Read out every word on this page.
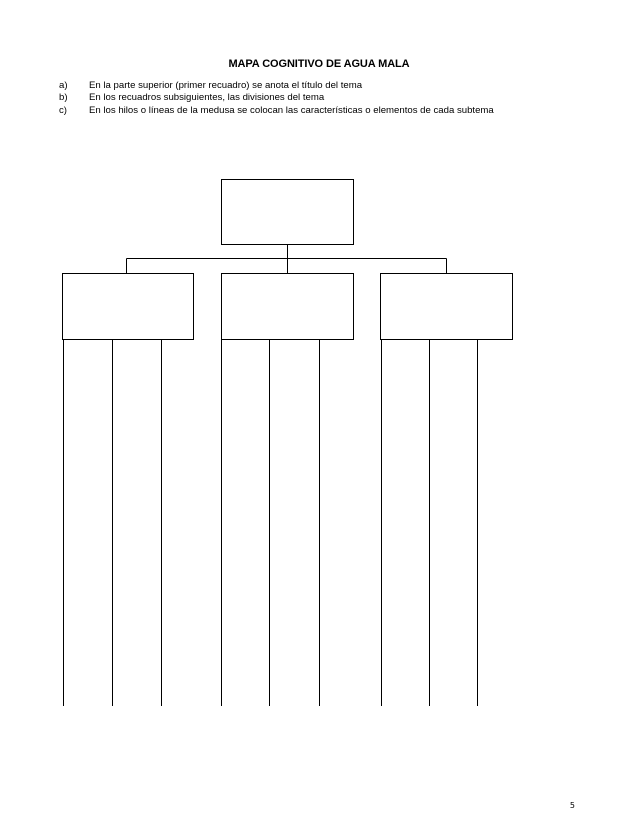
MAPA COGNITIVO DE AGUA MALA
a)	En la parte superior (primer recuadro) se anota el título del tema
b)	En los recuadros subsiguientes, las divisiones del tema
c)	En los hilos o líneas de la medusa se colocan las características o elementos de cada subtema

5
